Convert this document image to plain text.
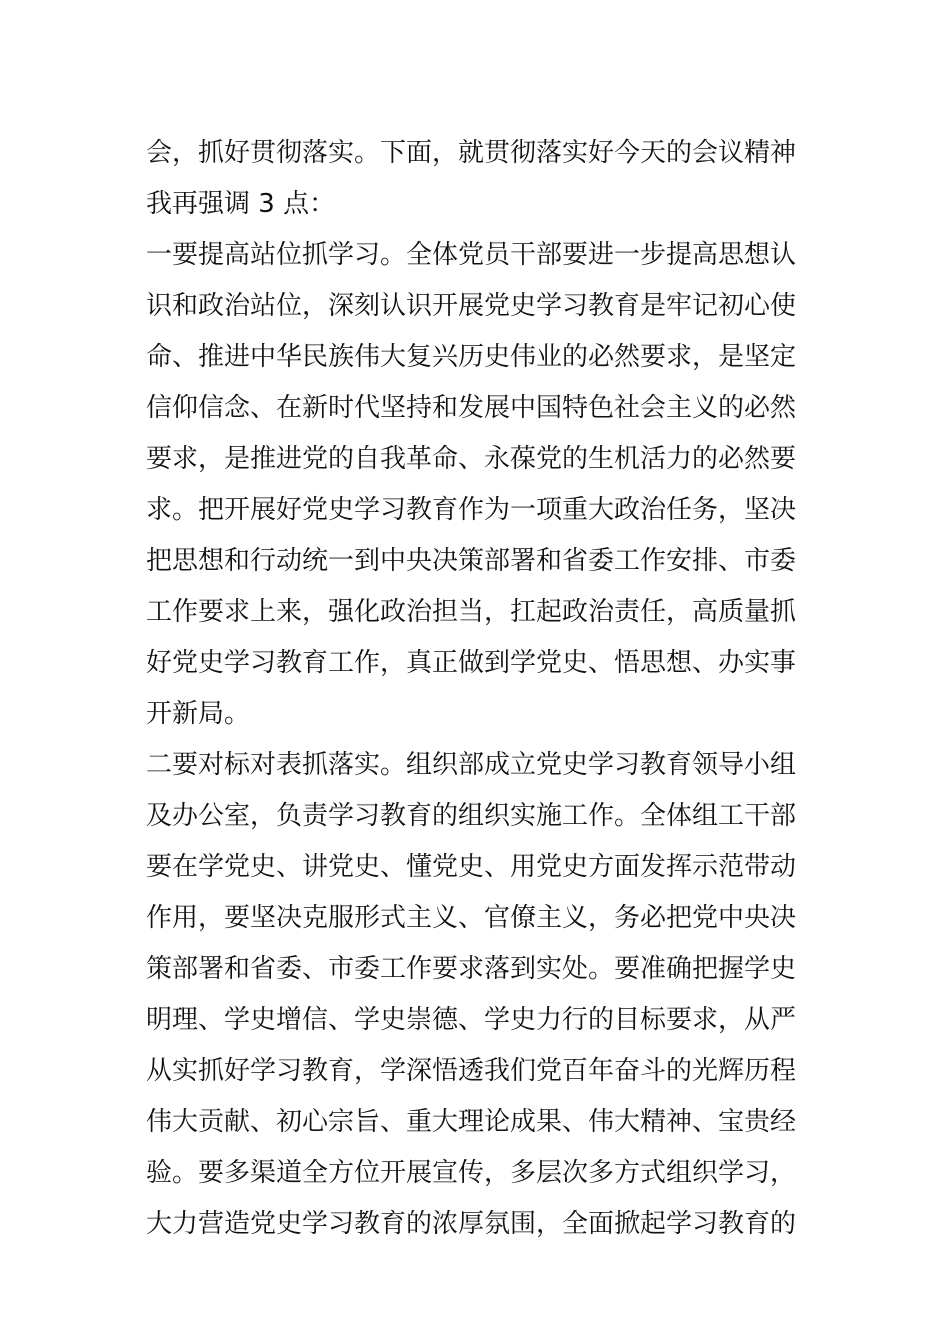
会，抓好贯彻落实。下面，就贯彻落实好今天的会议精神
我再强调 3 点：
一要提高站位抓学习。全体党员干部要进一步提高思想认
识和政治站位，深刻认识开展党史学习教育是牢记初心使
命、推进中华民族伟大复兴历史伟业的必然要求，是坚定
信仰信念、在新时代坚持和发展中国特色社会主义的必然
要求，是推进党的自我革命、永葆党的生机活力的必然要
求。把开展好党史学习教育作为一项重大政治任务，坚决
把思想和行动统一到中央决策部署和省委工作安排、市委
工作要求上来，强化政治担当，扛起政治责任，高质量抓
好党史学习教育工作，真正做到学党史、悟思想、办实事
开新局。
二要对标对表抓落实。组织部成立党史学习教育领导小组
及办公室，负责学习教育的组织实施工作。全体组工干部
要在学党史、讲党史、懂党史、用党史方面发挥示范带动
作用，要坚决克服形式主义、官僚主义，务必把党中央决
策部署和省委、市委工作要求落到实处。要准确把握学史
明理、学史增信、学史崇德、学史力行的目标要求，从严
从实抓好学习教育，学深悟透我们党百年奋斗的光辉历程
伟大贡献、初心宗旨、重大理论成果、伟大精神、宝贵经
验。要多渠道全方位开展宣传，多层次多方式组织学习，
大力营造党史学习教育的浓厚氛围，全面掀起学习教育的
